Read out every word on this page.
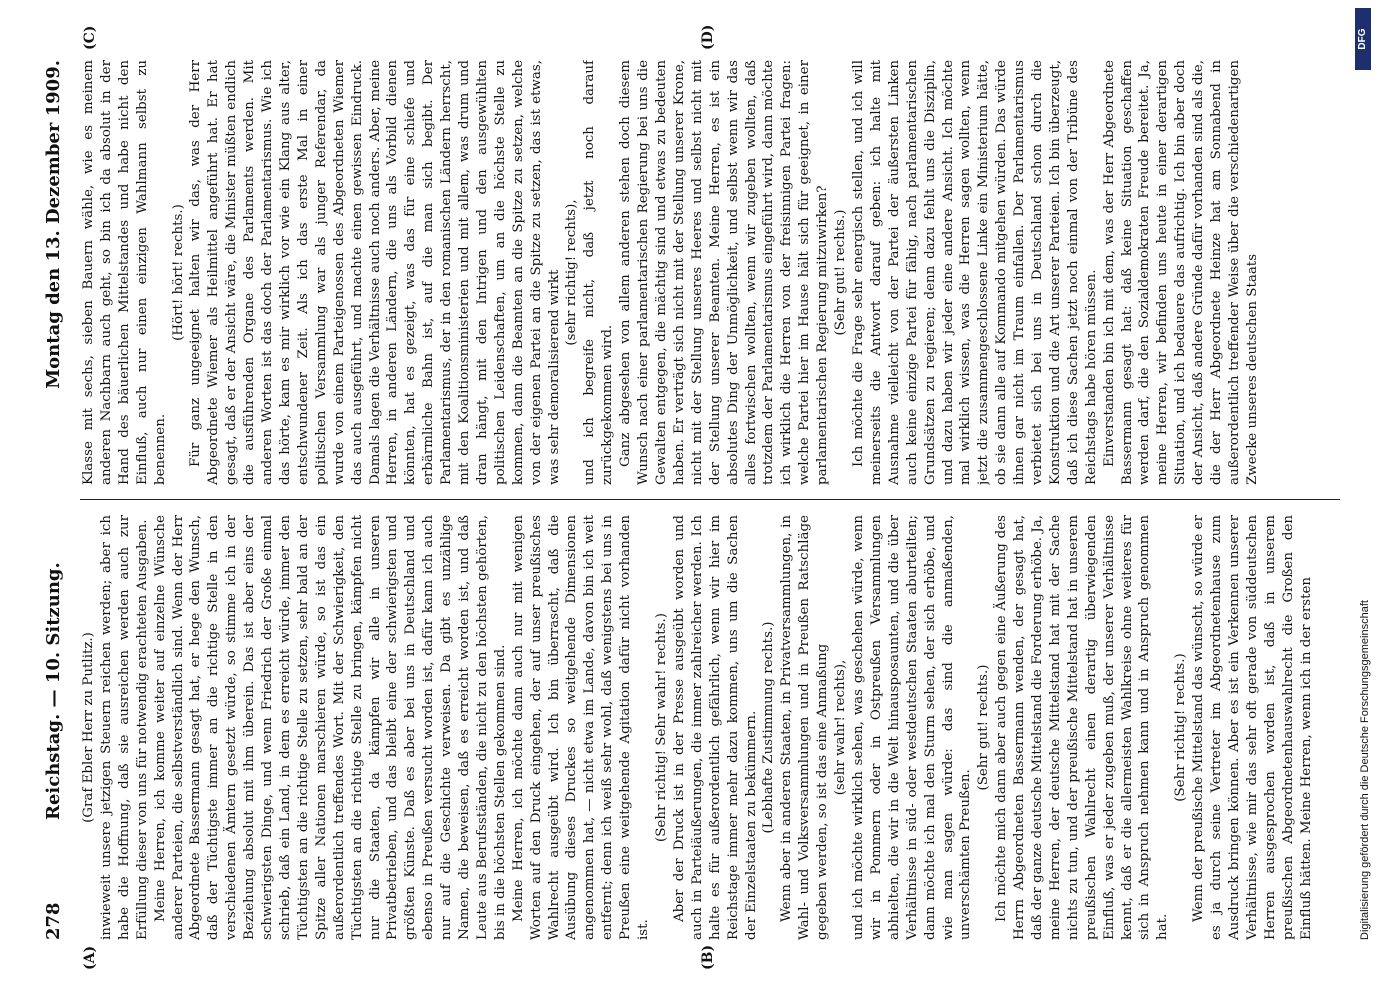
Digitalisierung gefördert durch die Deutsche Forschungsgemeinschaft
DFG
278
Reichstag. — 10. Sitzung.
Montag den 13. Dezember 1909.
(A)	(B)
(C)	(D)

(Graf Ebler Herr zu Putlitz.) inwieweit unsere jetzigen Steuern reichen werden; aber ich habe die Hoffnung, daß sie ausreichen werden auch zur Erfüllung dieser von uns für notwendig erachteten Ausgaben. Meine Herren, ich komme weiter auf einzelne Wünsche anderer Parteien, die selbstverständlich sind. Wenn der Herr Abgeordnete Bassermann gesagt hat, er hege den Wunsch, daß der Tüchtigste immer an die richtige Stelle in den verschiedenen Ämtern gesetzt würde, so stimme ich in der Beziehung absolut mit ihm überein. Das ist aber eins der schwierigsten Dinge, und wenn Friedrich der Große einmal schrieb, daß ein Land, in dem es erreicht würde, immer den Tüchtigsten an die richtige Stelle zu setzen, sehr bald an der Spitze aller Nationen marschieren würde, so ist das ein außerordentlich treffendes Wort. Mit der Schwierigkeit, den Tüchtigsten an die richtige Stelle zu bringen, kämpfen nicht nur die Staaten, da kämpfen wir alle in unseren Privatbetrieben, und das bleibt eine der schwierigsten und größten Künste. Daß es aber bei uns in Deutschland und ebenso in Preußen versucht worden ist, dafür kann ich auch nur auf die Geschichte verweisen. Da gibt es unzählige Namen, die beweisen, daß es erreicht worden ist, und daß Leute aus Berufsständen, die nicht zu den höchsten gehörten, bis in die höchsten Stellen gekommen sind. Meine Herren, ich möchte dann auch nur mit wenigen Worten auf den Druck eingehen, der auf unser preußisches Wahlrecht ausgeübt wird. Ich bin überrascht, daß die Ausübung dieses Druckes so weitgehende Dimensionen angenommen hat, — nicht etwa im Lande, davon bin ich weit entfernt; denn ich weiß sehr wohl, daß wenigstens bei uns in Preußen eine weitgehende Agitation dafür nicht vorhanden ist.

(Sehr richtig! Sehr wahr! rechts.) Aber der Druck ist in der Presse ausgeübt worden und auch in Parteiäußerungen, die immer zahlreicher werden. Ich halte es für außerordentlich gefährlich, wenn wir hier im Reichstage immer mehr dazu kommen, uns um die Sachen der Einzelstaaten zu bekümmern. (Lebhafte Zustimmung rechts.) Wenn aber in anderen Staaten, in Privatversammlungen, in Wahl- und Volksversammlungen und in Preußen Ratschläge gegeben werden, so ist das eine Anmaßung (sehr wahr! rechts), und ich möchte wirklich sehen, was geschehen würde, wenn wir in Pommern oder in Ostpreußen Versammlungen abhielten, die wir in die Welt hinausposaunten, und die über Verhältnisse in süd- oder westdeutschen Staaten aburteilten; dann möchte ich mal den Sturm sehen, der sich erhöbe, und wie man sagen würde: das sind die anmaßenden, unverschämten Preußen.

(Sehr gut! rechts.) Ich möchte mich dann aber auch gegen eine Äußerung des Herrn Abgeordneten Bassermann wenden, der gesagt hat, daß der ganze deutsche Mittelstand die Forderung erhöbe. Ja, meine Herren, der deutsche Mittelstand hat mit der Sache nichts zu tun, und der preußische Mittelstand hat in unserem preußischen Wahlrecht einen derartig überwiegenden Einfluß, was er jeder zugeben muß, der unserer Verhältnisse kennt, daß er die allermeisten Wahlkreise ohne weiteres für sich in Anspruch nehmen kann und in Anspruch genommen hat.

(Sehr richtig! rechts.) Wenn der preußische Mittelstand das wünscht, so würde er es ja durch seine Vertreter im Abgeordnetenhause zum Ausdruck bringen können. Aber es ist ein Verkennen unserer Verhältnisse, wie mir das sehr oft gerade von süddeutschen Herren ausgesprochen worden ist, daß in unserem preußischen Abgeordnetenhauswahlrecht die Großen den Einfluß hätten. Meine Herren, wenn ich in der ersten

Klasse mit sechs, sieben Bauern wähle, wie es meinem anderen Nachbarn auch geht, so bin ich da absolut in der Hand des bäuerlichen Mittelstandes und habe nicht den Einfluß, auch nur einen einzigen Wahlmann selbst zu benennen.

(Hört! hört! rechts.) Für ganz ungeeignet halten wir das, was der Herr Abgeordnete Wiemer als Heilmittel angeführt hat. Er hat gesagt, daß er der Ansicht wäre, die Minister müßten endlich die ausführenden Organe des Parlaments werden. Mit anderen Worten ist das doch der Parlamentarismus. Wie ich das hörte, kam es mir wirklich vor wie ein Klang aus alter, entschwundener Zeit. Als ich das erste Mal in einer politischen Versammlung war als junger Referendar, da wurde von einem Parteigenossen des Abgeordneten Wiemer das auch ausgeführt, und machte einen gewissen Eindruck. Damals lagen die Verhältnisse auch noch anders. Aber, meine Herren, in anderen Ländern, die uns als Vorbild dienen könnten, hat es gezeigt, was das für eine schiefe und erbärmliche Bahn ist, auf die man sich begibt. Der Parlamentarismus, der in den romanischen Ländern herrscht, mit den Koalitionsministerien und mit allem, was drum und dran hängt, mit den Intrigen und den ausgewühlten politischen Leidenschaften, um an die höchste Stelle zu kommen, dann die Beamten an die Spitze zu setzen, welche von der eigenen Partei an die Spitze zu setzen, das ist etwas, was sehr demoralisierend wirkt (sehr richtig! rechts), und ich begreife nicht, daß jetzt noch darauf zurückgekommen wird. Ganz abgesehen von allem anderen stehen doch diesem Wunsch nach einer parlamentarischen Regierung bei uns die Gewalten entgegen, die mächtig sind und etwas zu bedeuten haben. Er verträgt sich nicht mit der Stellung unserer Krone, nicht mit der Stellung unseres Heeres und selbst nicht mit der Stellung unserer Beamten. Meine Herren, es ist ein absolutes Ding der Unmöglichkeit, und selbst wenn wir das alles fortwischen wollten, wenn wir zugeben wollten, daß trotzdem der Parlamentarismus eingeführt wird, dann möchte ich wirklich die Herren von der freisinnigen Partei fragen: welche Partei hier im Hause hält sich für geeignet, in einer parlamentarischen Regierung mitzuwirken? (Sehr gut! rechts.) Ich möchte die Frage sehr energisch stellen, und ich will meinerseits die Antwort darauf geben: ich halte mit Ausnahme vielleicht von der Partei der äußersten Linken auch keine einzige Partei für fähig, nach parlamentarischen Grundsätzen zu regieren; denn dazu fehlt uns die Disziplin, und dazu haben wir jeder eine andere Ansicht. Ich möchte mal wirklich wissen, was die Herren sagen wollten, wenn jetzt die zusammengeschlossene Linke ein Ministerium hätte, ob sie dann alle auf Kommando mitgehen würden. Das würde ihnen gar nicht im Traum einfallen. Der Parlamentarismus verbietet sich bei uns in Deutschland schon durch die Konstruktion und die Art unserer Parteien. Ich bin überzeugt, daß ich diese Sachen jetzt noch einmal von der Tribüne des Reichstags habe hören müssen. Einverstanden bin ich mit dem, was der Herr Abgeordnete Bassermann gesagt hat: daß keine Situation geschaffen werden darf, die den Sozialdemokraten Freude bereitet. Ja, meine Herren, wir befinden uns heute in einer derartigen Situation, und ich bedauere das aufrichtig. Ich bin aber doch der Ansicht, daß andere Gründe dafür vorhanden sind als die, die der Herr Abgeordnete Heinze hat am Sonnabend in außerordentlich treffender Weise über die verschiedenartigen Zwecke unseres deutschen Staats
